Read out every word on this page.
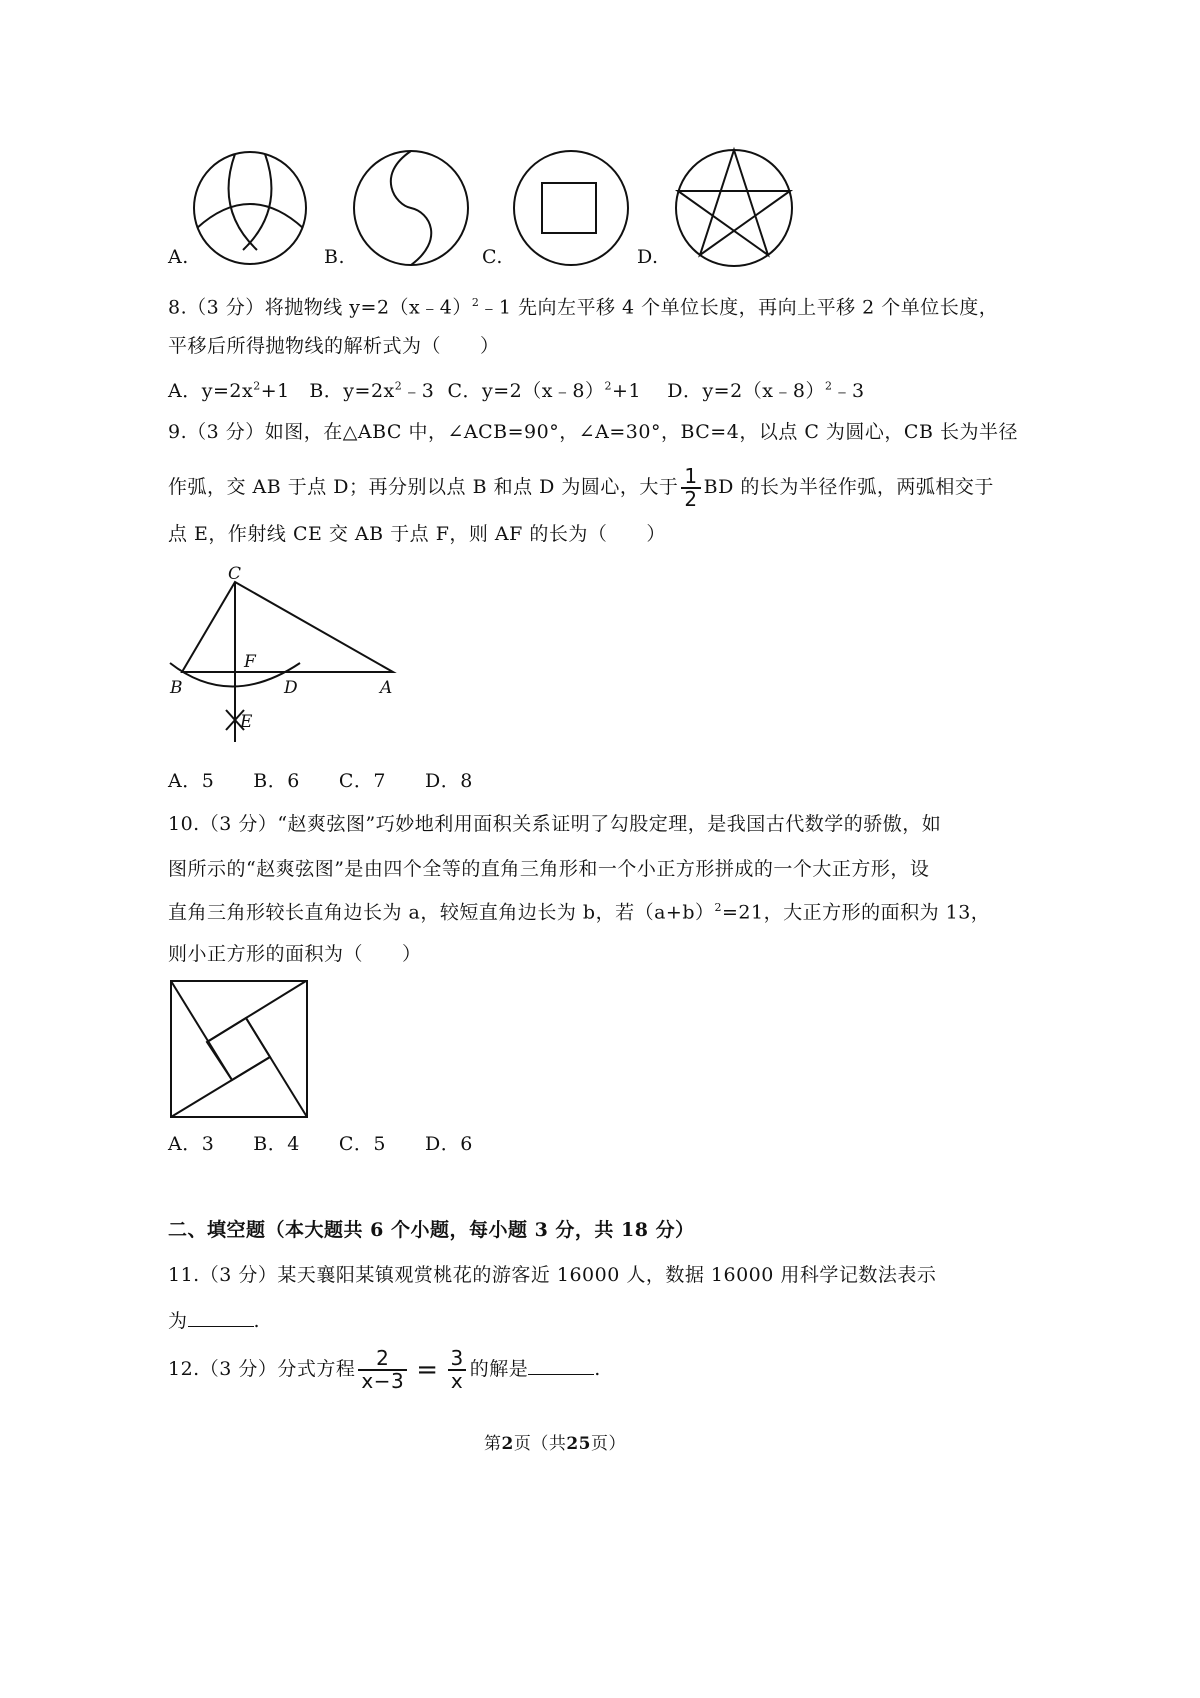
A.	B.	C.	D.
8.（3 分）将抛物线 y=2（x﹣4）$^2$﹣1 先向左平移 4 个单位长度，再向上平移 2 个单位长度，
平移后所得抛物线的解析式为（　　）
A．$y=2x^2+1$ B．$y=2x^2﹣3$ C．y=2（x﹣8）$^2$+1 D．y=2（x﹣8）$^2$﹣3
9.（3 分）如图，在△ABC 中，∠ACB=90°，∠A=30°，BC=4，以点 C 为圆心，CB 长为半径
作弧，交 AB 于点 D；再分别以点 B 和点 D 为圆心，大于 $\frac{1}{2}$ BD 的长为半径作弧，两弧相交于
点 E，作射线 CE 交 AB 于点 F，则 AF 的长为（　　）
C
F
B	D	A
E
A．5　　B．6　　C．7　　D．8
10.（3 分）“赵爽弦图”巧妙地利用面积关系证明了勾股定理，是我国古代数学的骄傲，如
图所示的“赵爽弦图”是由四个全等的直角三角形和一个小正方形拼成的一个大正方形，设
直角三角形较长直角边长为 a，较短直角边长为 b，若$(a+b)^2=21$，大正方形的面积为 13，
则小正方形的面积为（　　）
A．3　　B．4　　C．5　　D．6
二、填空题（本大题共 6 个小题，每小题 3 分，共 18 分）
11.（3 分）某天襄阳某镇观赏桃花的游客近 16000 人，数据 16000 用科学记数法表示
为	.
12.（3 分）分式方程 $\frac{2}{x-3} = \frac{3}{x}$ 的解是	.
第2页（共25页）
